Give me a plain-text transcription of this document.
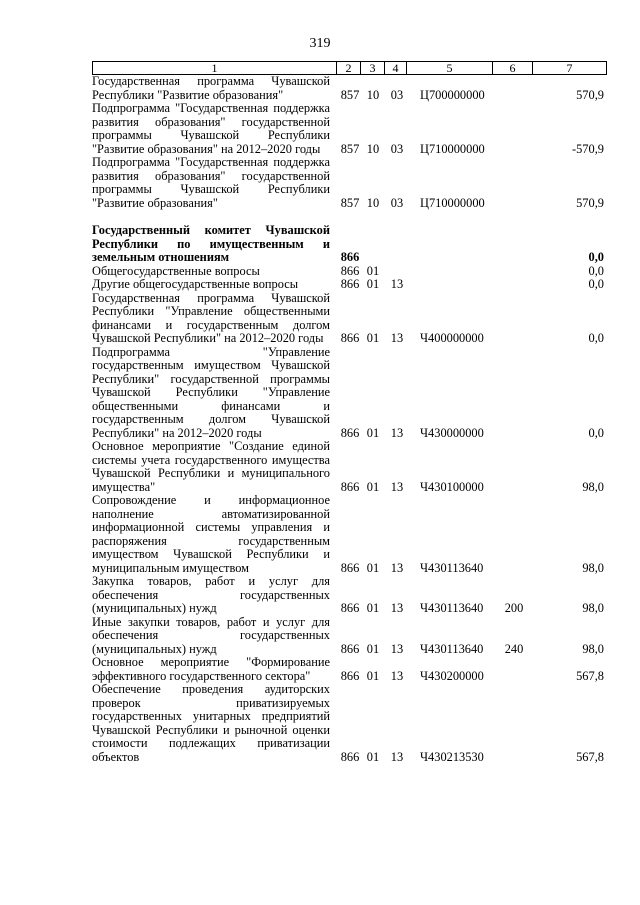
319
1	2	3	4	5	6	7
Государственная программа Чувашской Республики "Развитие образования"	857 10 03	Ц700000000	570,9
Подпрограмма "Государственная поддержка развития образования" государственной программы Чувашской Республики "Развитие образования" на 2012–2020 годы	857 10 03	Ц710000000	-570,9
Подпрограмма "Государственная поддержка развития образования" государственной программы Чувашской Республики "Развитие образования"	857 10 03	Ц710000000	570,9
Государственный комитет Чувашской Республики по имущественным и земельным отношениям	866	0,0
Общегосударственные вопросы	866 01	0,0
Другие общегосударственные вопросы	866 01 13	0,0
Государственная программа Чувашской Республики "Управление общественными финансами и государственным долгом Чувашской Республики" на 2012–2020 годы	866 01 13	Ч400000000	0,0
Подпрограмма "Управление государственным имуществом Чувашской Республики" государственной программы Чувашской Республики "Управление общественными финансами и государственным долгом Чувашской Республики" на 2012–2020 годы	866 01 13	Ч430000000	0,0
Основное мероприятие "Создание единой системы учета государственного имущества Чувашской Республики и муниципального имущества"	866 01 13	Ч430100000	98,0
Сопровождение и информационное наполнение автоматизированной информационной системы управления и распоряжения государственным имуществом Чувашской Республики и муниципальным имуществом	866 01 13	Ч430113640	98,0
Закупка товаров, работ и услуг для обеспечения государственных (муниципальных) нужд	866 01 13	Ч430113640	200	98,0
Иные закупки товаров, работ и услуг для обеспечения государственных (муниципальных) нужд	866 01 13	Ч430113640	240	98,0
Основное мероприятие "Формирование эффективного государственного сектора"	866 01 13	Ч430200000	567,8
Обеспечение проведения аудиторских проверок приватизируемых государственных унитарных предприятий Чувашской Республики и рыночной оценки стоимости подлежащих приватизации объектов	866 01 13	Ч430213530	567,8
